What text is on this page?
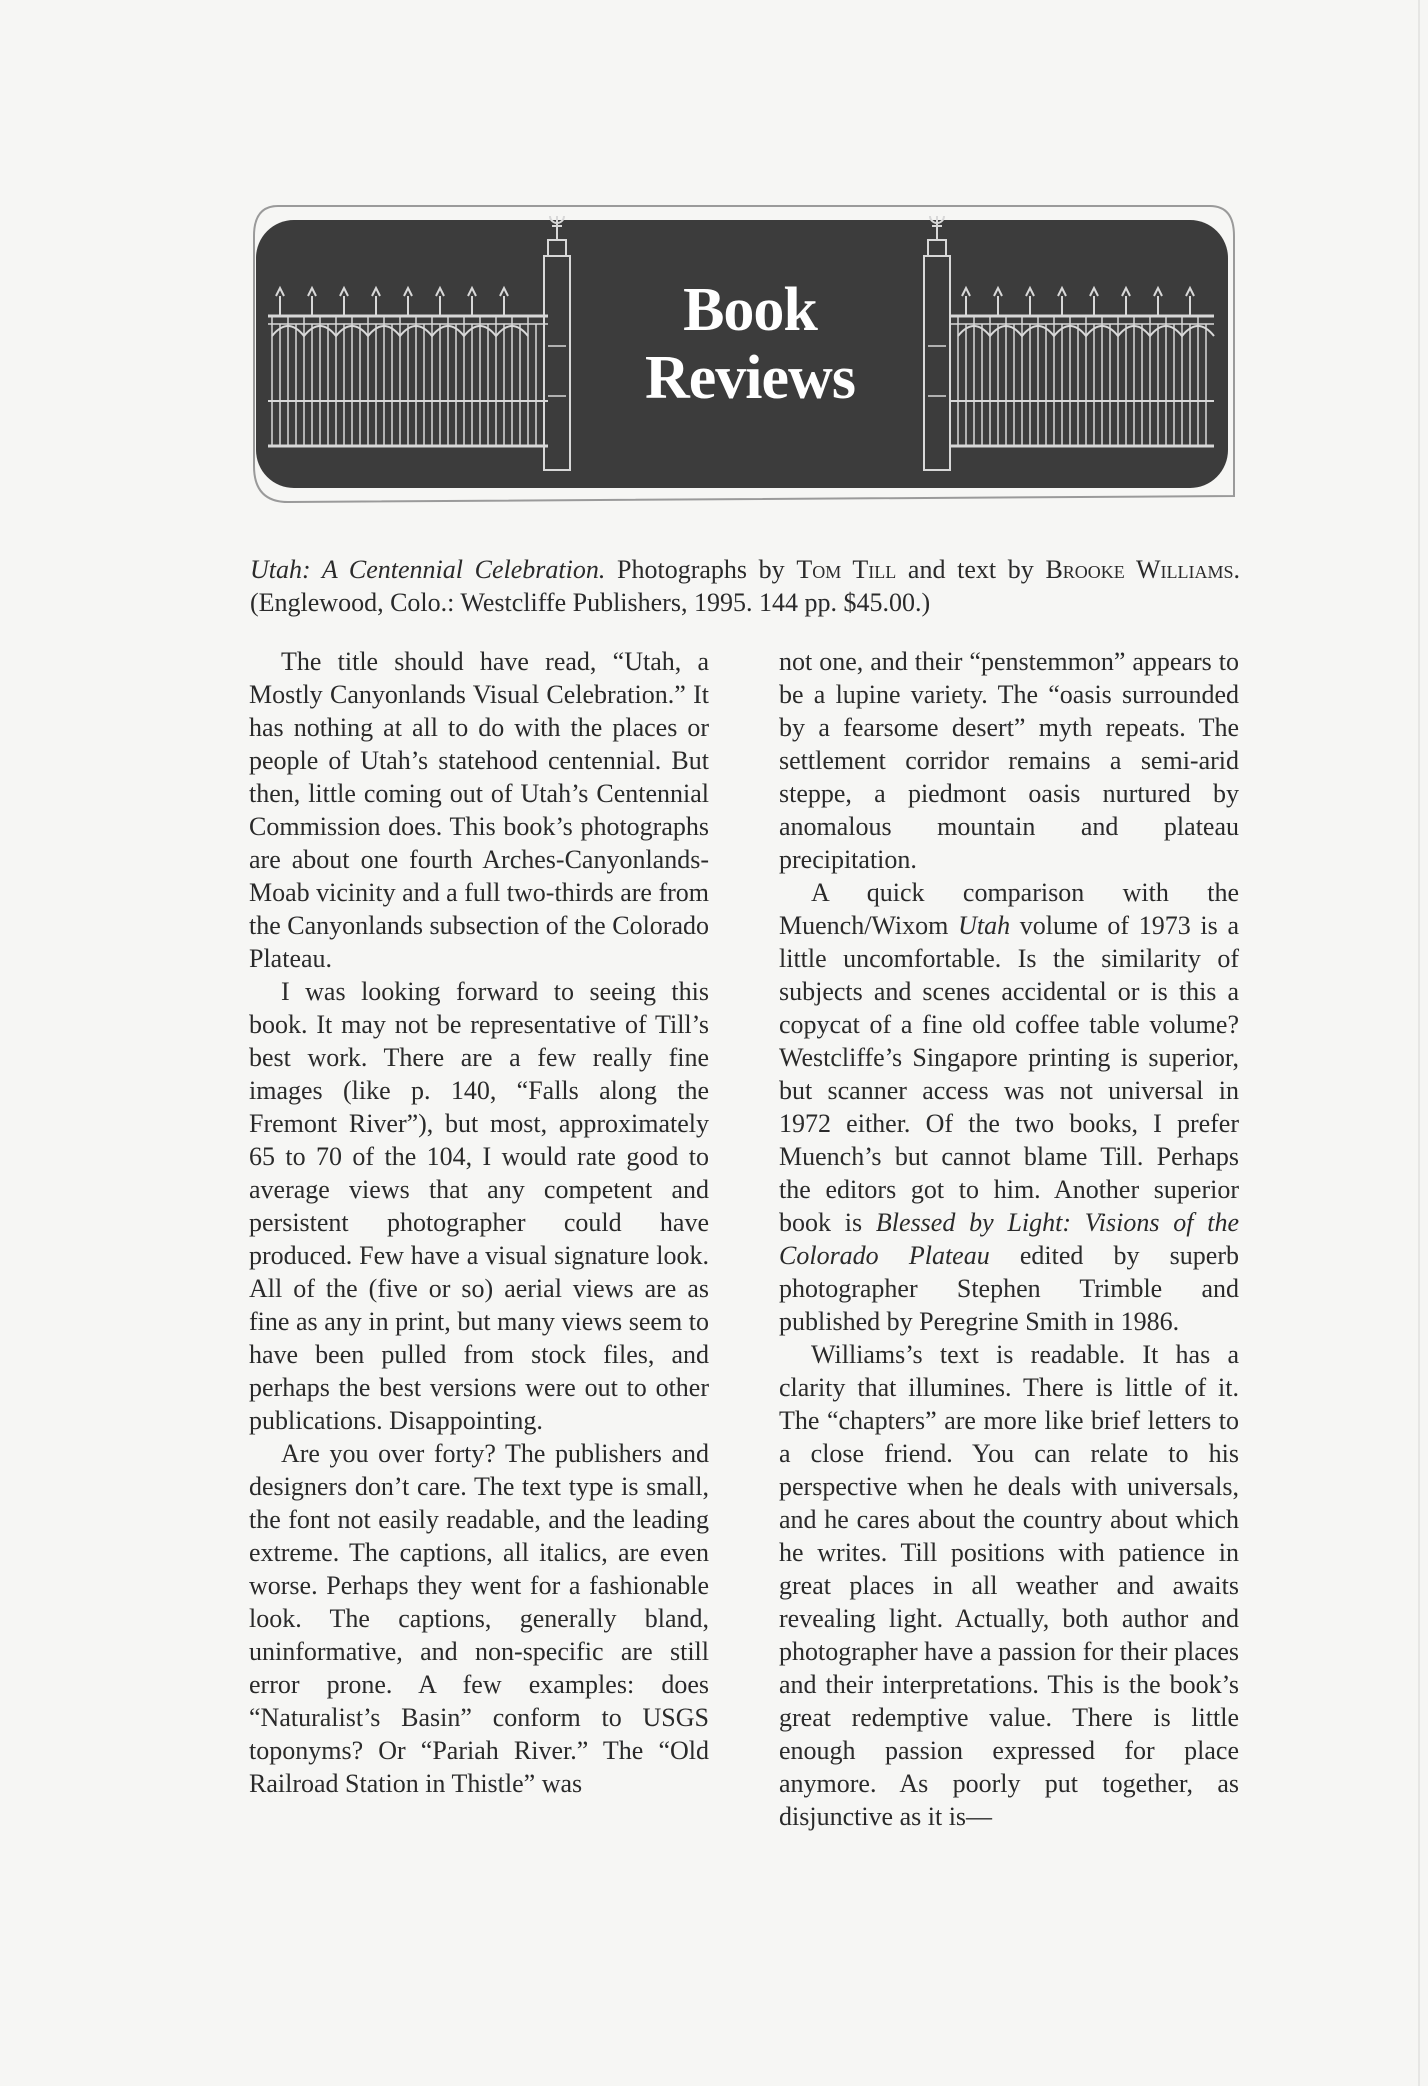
Book
Reviews
Utah: A Centennial Celebration. Photographs by Tom Till and text by Brooke Williams. (Englewood, Colo.: Westcliffe Publishers, 1995. 144 pp. $45.00.)

The title should have read, “Utah, a Mostly Canyonlands Visual Celebration.” It has nothing at all to do with the places or people of Utah’s statehood centennial. But then, little coming out of Utah’s Centennial Commission does. This book’s photographs are about one fourth Arches-Canyonlands-Moab vicinity and a full two-thirds are from the Canyonlands subsection of the Colorado Plateau.

I was looking forward to seeing this book. It may not be representative of Till’s best work. There are a few really fine images (like p. 140, “Falls along the Fremont River”), but most, approximately 65 to 70 of the 104, I would rate good to average views that any competent and persistent photographer could have produced. Few have a visual signature look. All of the (five or so) aerial views are as fine as any in print, but many views seem to have been pulled from stock files, and perhaps the best versions were out to other publications. Disappointing.

Are you over forty? The publishers and designers don’t care. The text type is small, the font not easily readable, and the leading extreme. The captions, all italics, are even worse. Perhaps they went for a fashionable look. The captions, generally bland, uninformative, and non-specific are still error prone. A few examples: does “Naturalist’s Basin” conform to USGS toponyms? Or “Pariah River.” The “Old Railroad Station in Thistle” was

not one, and their “penstemmon” appears to be a lupine variety. The “oasis surrounded by a fearsome desert” myth repeats. The settlement corridor remains a semi-arid steppe, a piedmont oasis nurtured by anomalous mountain and plateau precipitation.

A quick comparison with the Muench/Wixom Utah volume of 1973 is a little uncomfortable. Is the similarity of subjects and scenes accidental or is this a copycat of a fine old coffee table volume? Westcliffe’s Singapore printing is superior, but scanner access was not universal in 1972 either. Of the two books, I prefer Muench’s but cannot blame Till. Perhaps the editors got to him. Another superior book is Blessed by Light: Visions of the Colorado Plateau edited by superb photographer Stephen Trimble and published by Peregrine Smith in 1986.

Williams’s text is readable. It has a clarity that illumines. There is little of it. The “chapters” are more like brief letters to a close friend. You can relate to his perspective when he deals with universals, and he cares about the country about which he writes. Till positions with patience in great places in all weather and awaits revealing light. Actually, both author and photographer have a passion for their places and their interpretations. This is the book’s great redemptive value. There is little enough passion expressed for place anymore. As poorly put together, as disjunctive as it is—
